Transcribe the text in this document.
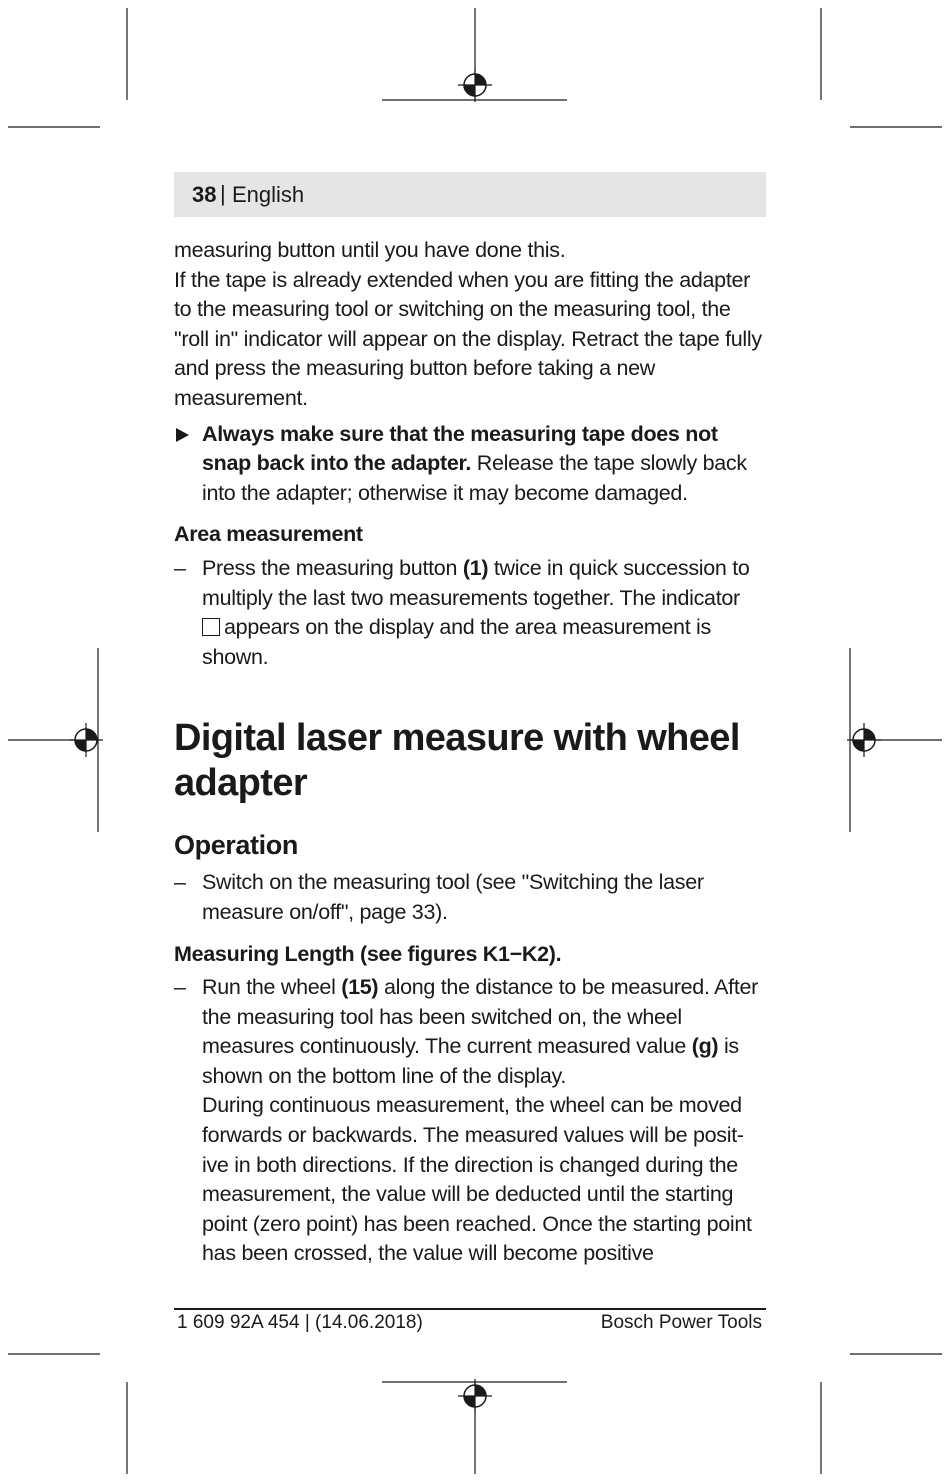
38 | English

measuring button until you have done this.

If the tape is already extended when you are fitting the adapter to the measuring tool or switching on the measuring tool, the "roll in" indicator will appear on the display. Retract the tape fully and press the measuring button before taking a new measurement.

Always make sure that the measuring tape does not snap back into the adapter. Release the tape slowly back into the adapter; otherwise it may become damaged.
Area measurement
– Press the measuring button (1) twice in quick succession to multiply the last two measurements together. The indicator appears on the display and the area measurement is shown.
Digital laser measure with wheel adapter
Operation
– Switch on the measuring tool (see "Switching the laser measure on/off", page 33).
Measuring Length (see figures K1−K2).
– Run the wheel (15) along the distance to be measured. After the measuring tool has been switched on, the wheel measures continuously. The current measured value (g) is shown on the bottom line of the display.

During continuous measurement, the wheel can be moved forwards or backwards. The measured values will be posit-ive in both directions. If the direction is changed during the measurement, the value will be deducted until the starting point (zero point) has been reached. Once the starting point has been crossed, the value will become positive

1 609 92A 454 | (14.06.2018)	Bosch Power Tools
